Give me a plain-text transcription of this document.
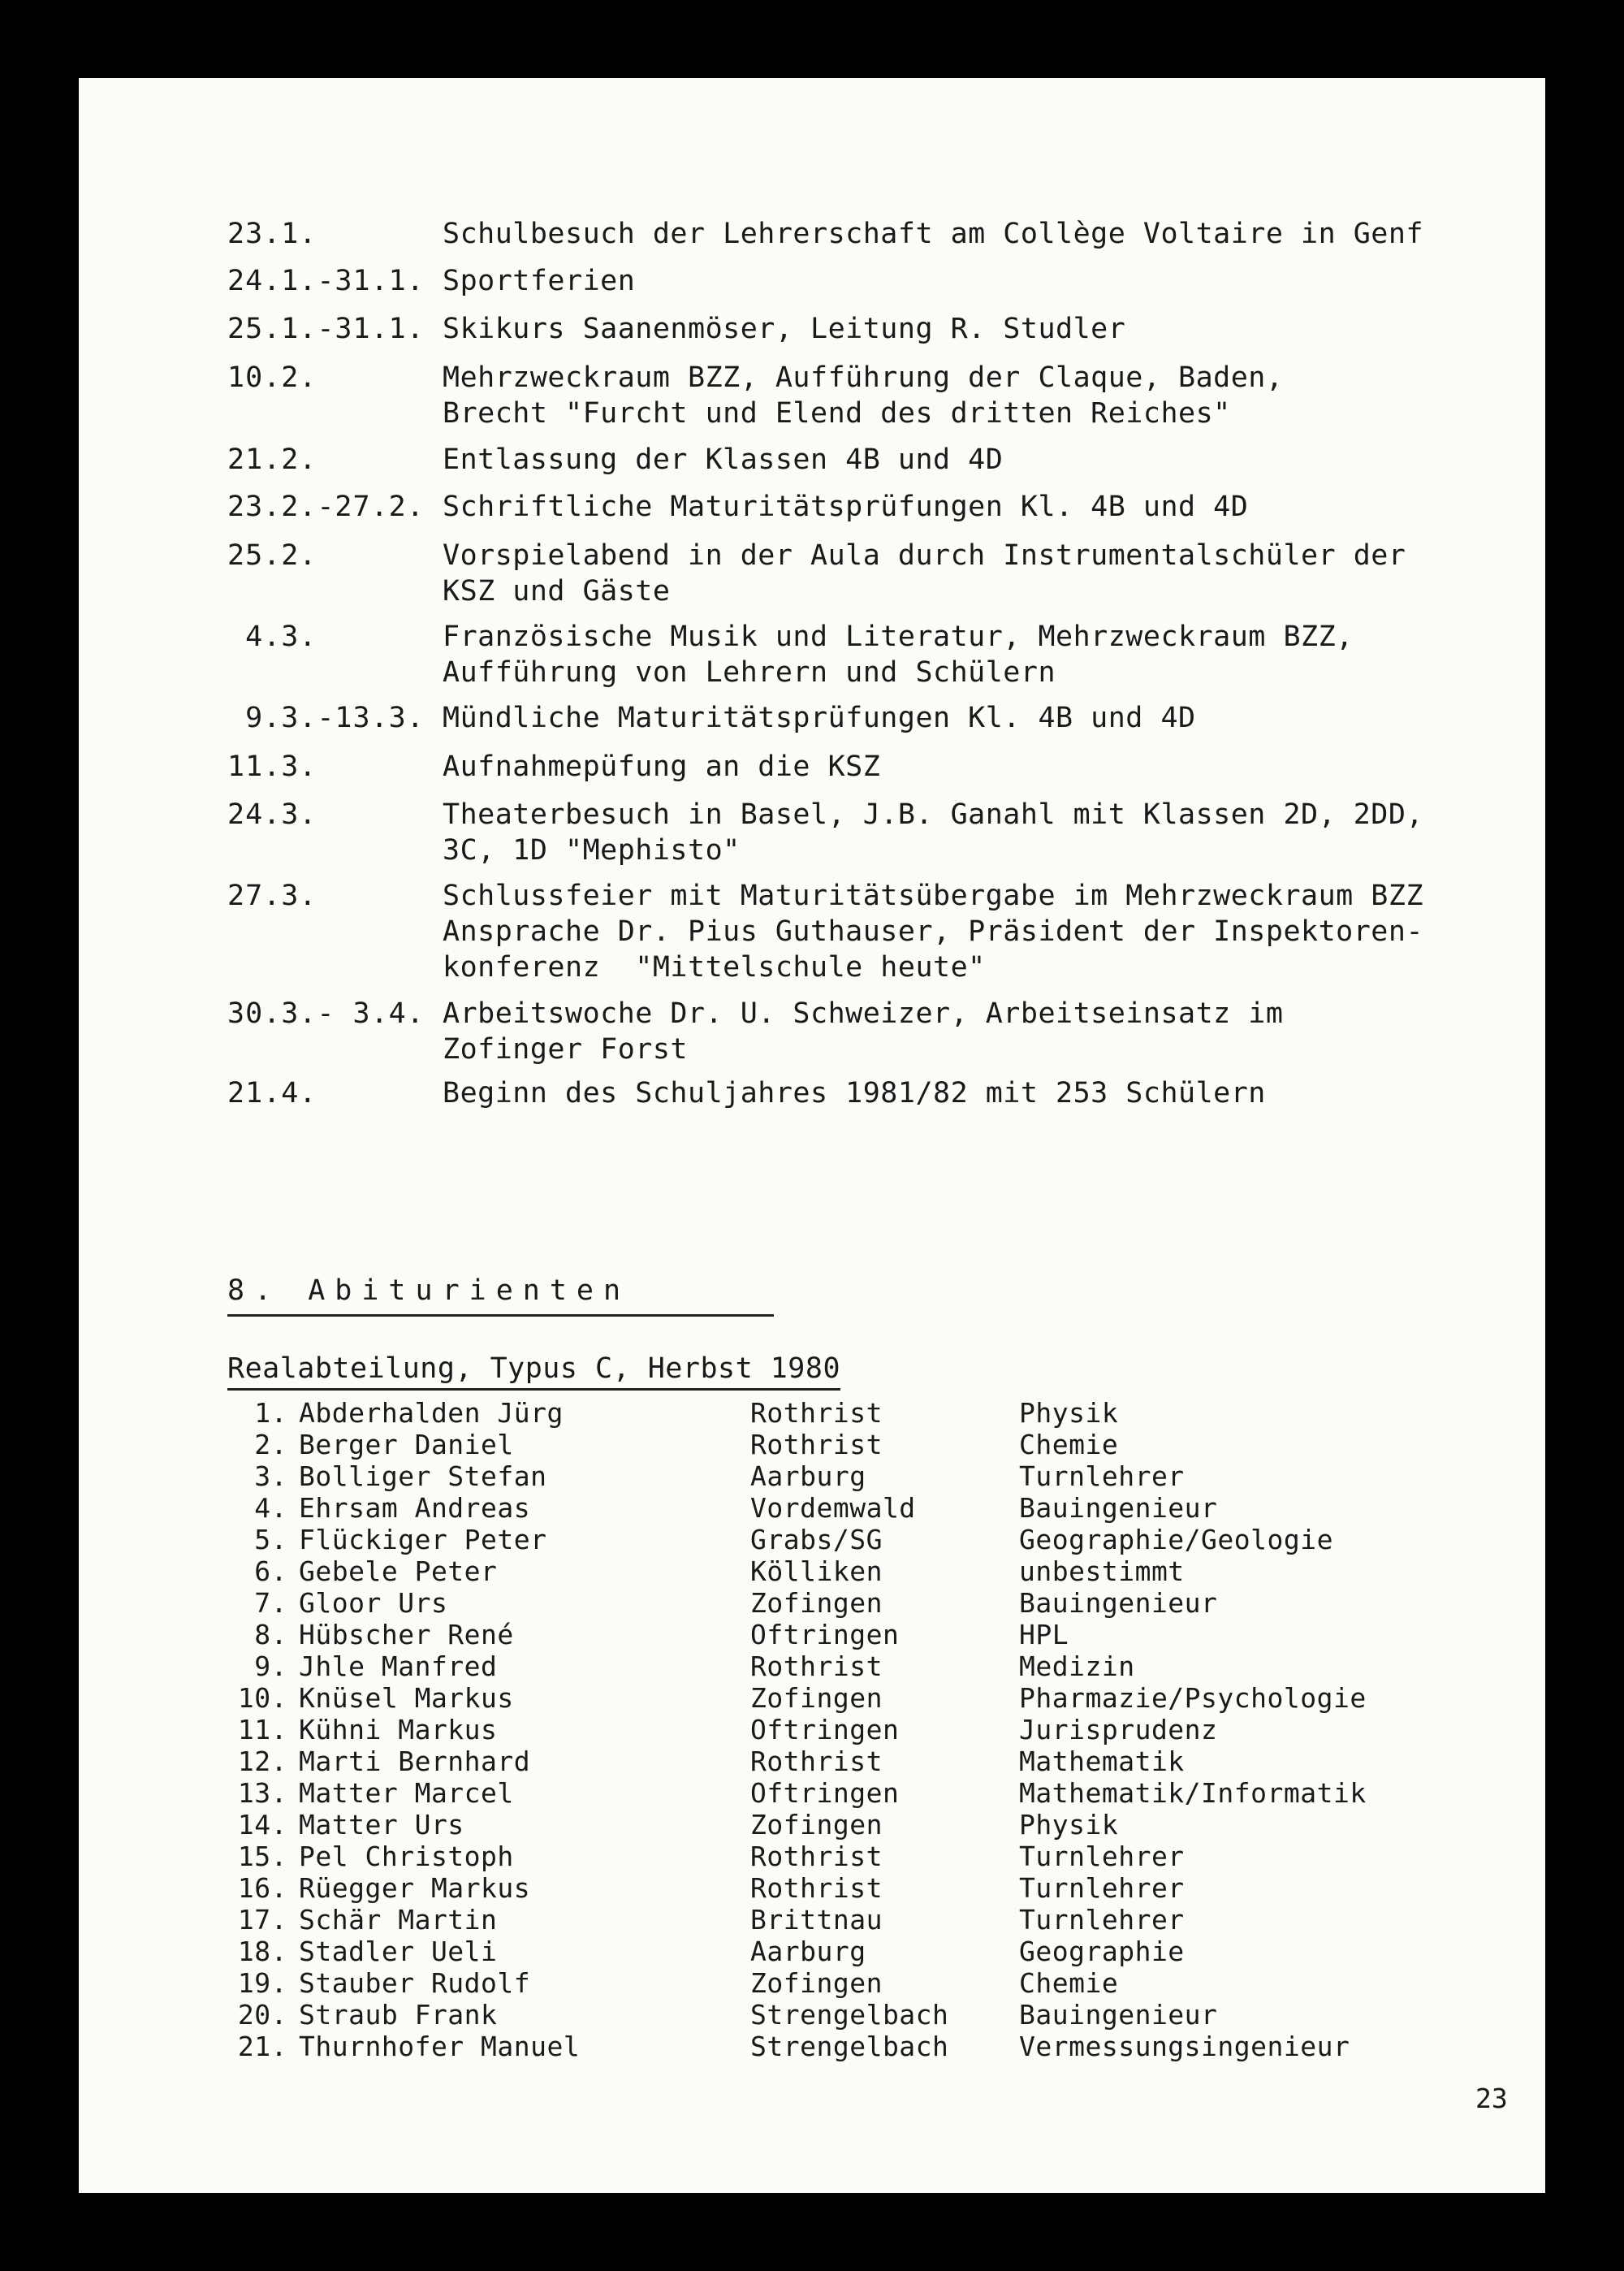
23.1.	Schulbesuch der Lehrerschaft am Collège Voltaire in Genf
24.1.-31.1. Sportferien
25.1.-31.1. Skikurs Saanenmöser, Leitung R. Studler
10.2.	Mehrzweckraum BZZ, Aufführung der Claque, Baden,
Brecht "Furcht und Elend des dritten Reiches"
21.2.	Entlassung der Klassen 4B und 4D
23.2.-27.2. Schriftliche Maturitätsprüfungen Kl. 4B und 4D
25.2.	Vorspielabend in der Aula durch Instrumentalschüler der
KSZ und Gäste
4.3.	Französische Musik und Literatur, Mehrzweckraum BZZ,
Aufführung von Lehrern und Schülern
9.3.-13.3. Mündliche Maturitätsprüfungen Kl. 4B und 4D
11.3.	Aufnahmepüfung an die KSZ
24.3.	Theaterbesuch in Basel, J.B. Ganahl mit Klassen 2D, 2DD,
3C, 1D "Mephisto"
27.3.	Schlussfeier mit Maturitätsübergabe im Mehrzweckraum BZZ
Ansprache Dr. Pius Guthauser, Präsident der Inspektoren-
konferenz  "Mittelschule heute"
30.3.- 3.4. Arbeitswoche Dr. U. Schweizer, Arbeitseinsatz im
Zofinger Forst
21.4.	Beginn des Schuljahres 1981/82 mit 253 Schülern
8. Abiturienten
Realabteilung, Typus C, Herbst 1980
1. Abderhalden Jürg	Rothrist	Physik
2. Berger Daniel	Rothrist	Chemie
3. Bolliger Stefan	Aarburg	Turnlehrer
4. Ehrsam Andreas	Vordemwald	Bauingenieur
5. Flückiger Peter	Grabs/SG	Geographie/Geologie
6. Gebele Peter	Kölliken	unbestimmt
7. Gloor Urs	Zofingen	Bauingenieur
8. Hübscher René	Oftringen	HPL
9. Jhle Manfred	Rothrist	Medizin
10. Knüsel Markus	Zofingen	Pharmazie/Psychologie
11. Kühni Markus	Oftringen	Jurisprudenz
12. Marti Bernhard	Rothrist	Mathematik
13. Matter Marcel	Oftringen	Mathematik/Informatik
14. Matter Urs	Zofingen	Physik
15. Pel Christoph	Rothrist	Turnlehrer
16. Rüegger Markus	Rothrist	Turnlehrer
17. Schär Martin	Brittnau	Turnlehrer
18. Stadler Ueli	Aarburg	Geographie
19. Stauber Rudolf	Zofingen	Chemie
20. Straub Frank	Strengelbach	Bauingenieur
21. Thurnhofer Manuel	Strengelbach	Vermessungsingenieur
23
